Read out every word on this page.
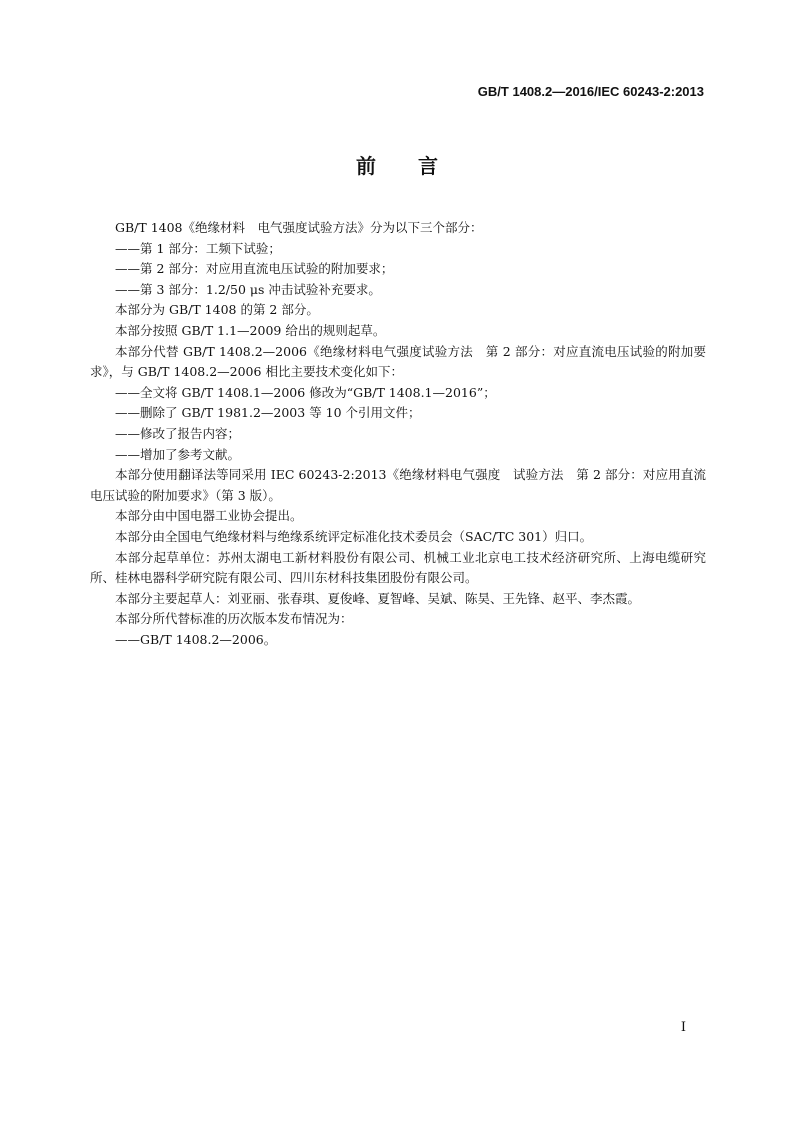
GB/T 1408.2—2016/IEC 60243-2:2013
前 言

GB/T 1408《绝缘材料　电气强度试验方法》分为以下三个部分：

——第 1 部分：工频下试验；

——第 2 部分：对应用直流电压试验的附加要求；

——第 3 部分：1.2/50 μs 冲击试验补充要求。

本部分为 GB/T 1408 的第 2 部分。

本部分按照 GB/T 1.1—2009 给出的规则起草。

本部分代替 GB/T 1408.2—2006《绝缘材料电气强度试验方法　第 2 部分：对应直流电压试验的附加要求》，与 GB/T 1408.2—2006 相比主要技术变化如下：

——全文将 GB/T 1408.1—2006 修改为“GB/T 1408.1—2016”；

——删除了 GB/T 1981.2—2003 等 10 个引用文件；

——修改了报告内容；

——增加了参考文献。

本部分使用翻译法等同采用 IEC 60243-2:2013《绝缘材料电气强度　试验方法　第 2 部分：对应用直流电压试验的附加要求》（第 3 版）。

本部分由中国电器工业协会提出。

本部分由全国电气绝缘材料与绝缘系统评定标准化技术委员会（SAC/TC 301）归口。

本部分起草单位：苏州太湖电工新材料股份有限公司、机械工业北京电工技术经济研究所、上海电缆研究所、桂林电器科学研究院有限公司、四川东材科技集团股份有限公司。

本部分主要起草人：刘亚丽、张春琪、夏俊峰、夏智峰、吴斌、陈昊、王先锋、赵平、李杰霞。

本部分所代替标准的历次版本发布情况为：

——GB/T 1408.2—2006。

I
